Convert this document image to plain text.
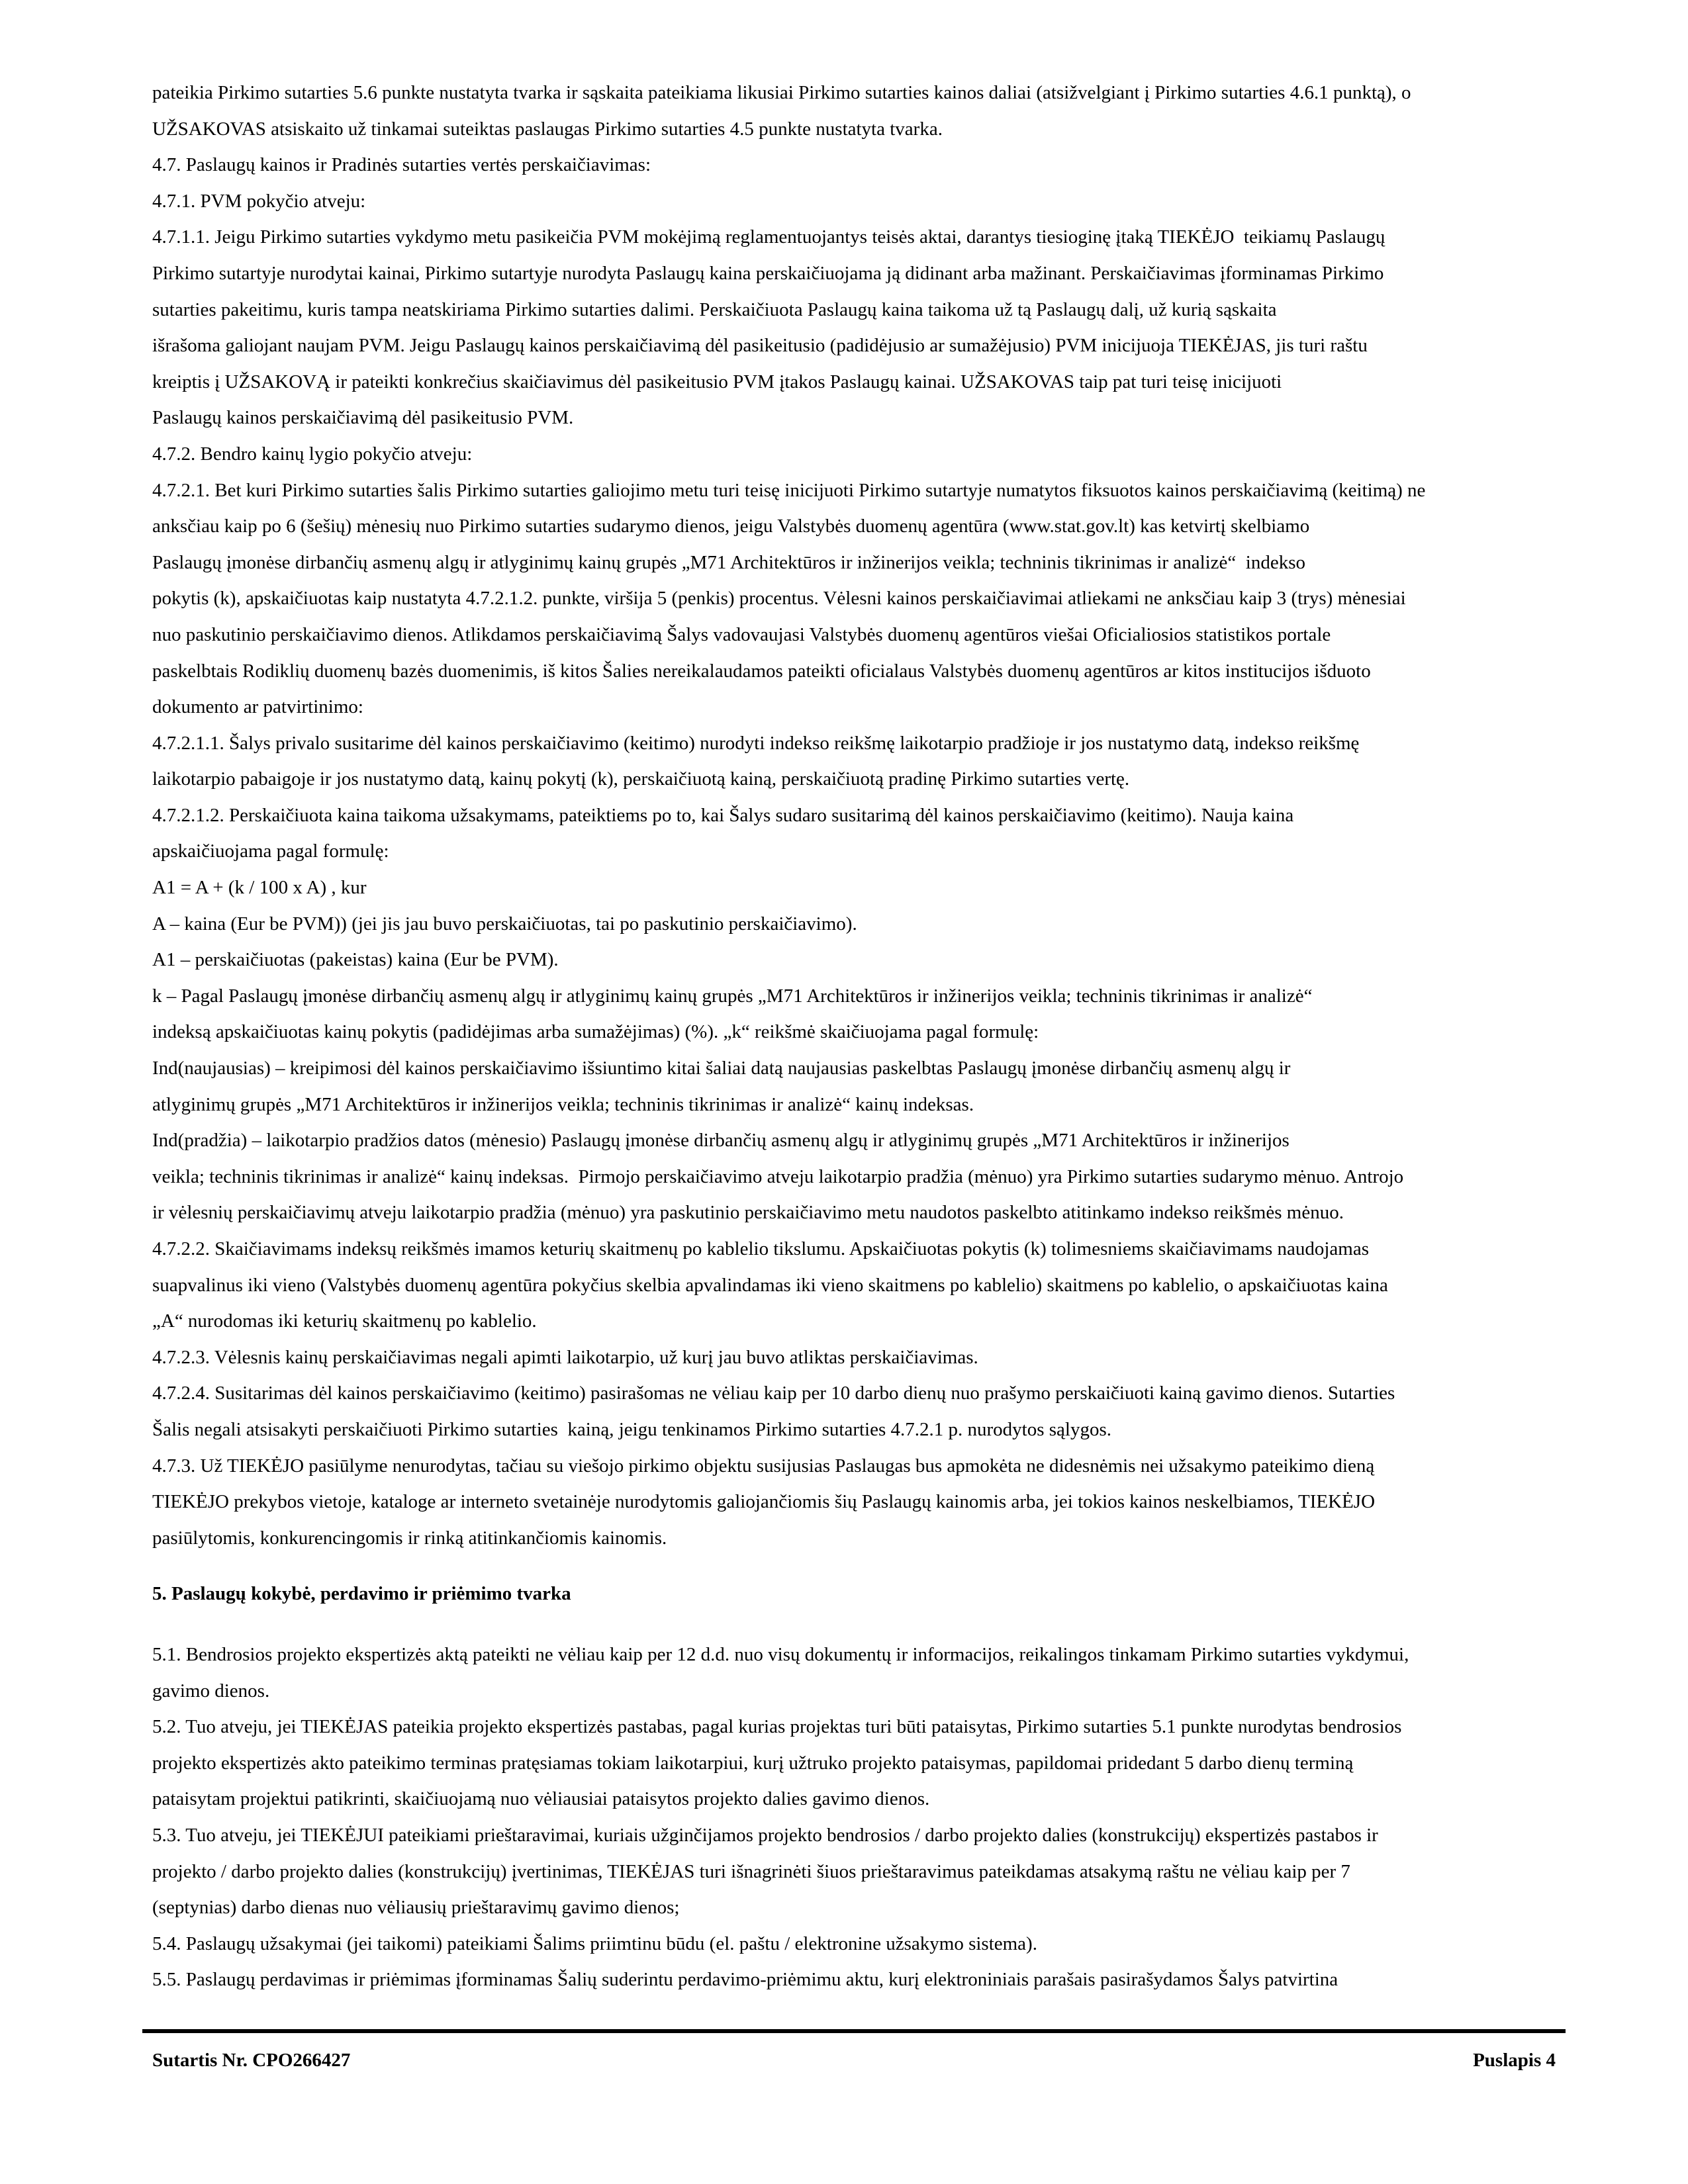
pateikia Pirkimo sutarties 5.6 punkte nustatyta tvarka ir sąskaita pateikiama likusiai Pirkimo sutarties kainos daliai (atsižvelgiant į Pirkimo sutarties 4.6.1 punktą), o
UŽSAKOVAS atsiskaito už tinkamai suteiktas paslaugas Pirkimo sutarties 4.5 punkte nustatyta tvarka.
4.7. Paslaugų kainos ir Pradinės sutarties vertės perskaičiavimas:
4.7.1. PVM pokyčio atveju:
4.7.1.1. Jeigu Pirkimo sutarties vykdymo metu pasikeičia PVM mokėjimą reglamentuojantys teisės aktai, darantys tiesioginę įtaką TIEKĖJO  teikiamų Paslaugų
Pirkimo sutartyje nurodytai kainai, Pirkimo sutartyje nurodyta Paslaugų kaina perskaičiuojama ją didinant arba mažinant. Perskaičiavimas įforminamas Pirkimo
sutarties pakeitimu, kuris tampa neatskiriama Pirkimo sutarties dalimi. Perskaičiuota Paslaugų kaina taikoma už tą Paslaugų dalį, už kurią sąskaita
išrašoma galiojant naujam PVM. Jeigu Paslaugų kainos perskaičiavimą dėl pasikeitusio (padidėjusio ar sumažėjusio) PVM inicijuoja TIEKĖJAS, jis turi raštu
kreiptis į UŽSAKOVĄ ir pateikti konkrečius skaičiavimus dėl pasikeitusio PVM įtakos Paslaugų kainai. UŽSAKOVAS taip pat turi teisę inicijuoti
Paslaugų kainos perskaičiavimą dėl pasikeitusio PVM.
4.7.2. Bendro kainų lygio pokyčio atveju:
4.7.2.1. Bet kuri Pirkimo sutarties šalis Pirkimo sutarties galiojimo metu turi teisę inicijuoti Pirkimo sutartyje numatytos fiksuotos kainos perskaičiavimą (keitimą) ne
anksčiau kaip po 6 (šešių) mėnesių nuo Pirkimo sutarties sudarymo dienos, jeigu Valstybės duomenų agentūra (www.stat.gov.lt) kas ketvirtį skelbiamo
Paslaugų įmonėse dirbančių asmenų algų ir atlyginimų kainų grupės „M71 Architektūros ir inžinerijos veikla; techninis tikrinimas ir analizė“  indekso
pokytis (k), apskaičiuotas kaip nustatyta 4.7.2.1.2. punkte, viršija 5 (penkis) procentus. Vėlesni kainos perskaičiavimai atliekami ne anksčiau kaip 3 (trys) mėnesiai
nuo paskutinio perskaičiavimo dienos. Atlikdamos perskaičiavimą Šalys vadovaujasi Valstybės duomenų agentūros viešai Oficialiosios statistikos portale
paskelbtais Rodiklių duomenų bazės duomenimis, iš kitos Šalies nereikalaudamos pateikti oficialaus Valstybės duomenų agentūros ar kitos institucijos išduoto
dokumento ar patvirtinimo:
4.7.2.1.1. Šalys privalo susitarime dėl kainos perskaičiavimo (keitimo) nurodyti indekso reikšmę laikotarpio pradžioje ir jos nustatymo datą, indekso reikšmę
laikotarpio pabaigoje ir jos nustatymo datą, kainų pokytį (k), perskaičiuotą kainą, perskaičiuotą pradinę Pirkimo sutarties vertę.
4.7.2.1.2. Perskaičiuota kaina taikoma užsakymams, pateiktiems po to, kai Šalys sudaro susitarimą dėl kainos perskaičiavimo (keitimo). Nauja kaina
apskaičiuojama pagal formulę:
A1 = A + (k / 100 x A) , kur
A – kaina (Eur be PVM)) (jei jis jau buvo perskaičiuotas, tai po paskutinio perskaičiavimo).
A1 – perskaičiuotas (pakeistas) kaina (Eur be PVM).
k – Pagal Paslaugų įmonėse dirbančių asmenų algų ir atlyginimų kainų grupės „M71 Architektūros ir inžinerijos veikla; techninis tikrinimas ir analizė“
indeksą apskaičiuotas kainų pokytis (padidėjimas arba sumažėjimas) (%). „k“ reikšmė skaičiuojama pagal formulę:
Ind(naujausias) – kreipimosi dėl kainos perskaičiavimo išsiuntimo kitai šaliai datą naujausias paskelbtas Paslaugų įmonėse dirbančių asmenų algų ir
atlyginimų grupės „M71 Architektūros ir inžinerijos veikla; techninis tikrinimas ir analizė“ kainų indeksas.
Ind(pradžia) – laikotarpio pradžios datos (mėnesio) Paslaugų įmonėse dirbančių asmenų algų ir atlyginimų grupės „M71 Architektūros ir inžinerijos
veikla; techninis tikrinimas ir analizė“ kainų indeksas.  Pirmojo perskaičiavimo atveju laikotarpio pradžia (mėnuo) yra Pirkimo sutarties sudarymo mėnuo. Antrojo
ir vėlesnių perskaičiavimų atveju laikotarpio pradžia (mėnuo) yra paskutinio perskaičiavimo metu naudotos paskelbto atitinkamo indekso reikšmės mėnuo.
4.7.2.2. Skaičiavimams indeksų reikšmės imamos keturių skaitmenų po kablelio tikslumu. Apskaičiuotas pokytis (k) tolimesniems skaičiavimams naudojamas
suapvalinus iki vieno (Valstybės duomenų agentūra pokyčius skelbia apvalindamas iki vieno skaitmens po kablelio) skaitmens po kablelio, o apskaičiuotas kaina
„A“ nurodomas iki keturių skaitmenų po kablelio.
4.7.2.3. Vėlesnis kainų perskaičiavimas negali apimti laikotarpio, už kurį jau buvo atliktas perskaičiavimas.
4.7.2.4. Susitarimas dėl kainos perskaičiavimo (keitimo) pasirašomas ne vėliau kaip per 10 darbo dienų nuo prašymo perskaičiuoti kainą gavimo dienos. Sutarties
Šalis negali atsisakyti perskaičiuoti Pirkimo sutarties  kainą, jeigu tenkinamos Pirkimo sutarties 4.7.2.1 p. nurodytos sąlygos.
4.7.3. Už TIEKĖJO pasiūlyme nenurodytas, tačiau su viešojo pirkimo objektu susijusias Paslaugas bus apmokėta ne didesnėmis nei užsakymo pateikimo dieną
TIEKĖJO prekybos vietoje, kataloge ar interneto svetainėje nurodytomis galiojančiomis šių Paslaugų kainomis arba, jei tokios kainos neskelbiamos, TIEKĖJO
pasiūlytomis, konkurencingomis ir rinką atitinkančiomis kainomis.
5. Paslaugų kokybė, perdavimo ir priėmimo tvarka
5.1. Bendrosios projekto ekspertizės aktą pateikti ne vėliau kaip per 12 d.d. nuo visų dokumentų ir informacijos, reikalingos tinkamam Pirkimo sutarties vykdymui,
gavimo dienos.
5.2. Tuo atveju, jei TIEKĖJAS pateikia projekto ekspertizės pastabas, pagal kurias projektas turi būti pataisytas, Pirkimo sutarties 5.1 punkte nurodytas bendrosios
projekto ekspertizės akto pateikimo terminas pratęsiamas tokiam laikotarpiui, kurį užtruko projekto pataisymas, papildomai pridedant 5 darbo dienų terminą
pataisytam projektui patikrinti, skaičiuojamą nuo vėliausiai pataisytos projekto dalies gavimo dienos.
5.3. Tuo atveju, jei TIEKĖJUI pateikiami prieštaravimai, kuriais užginčijamos projekto bendrosios / darbo projekto dalies (konstrukcijų) ekspertizės pastabos ir
projekto / darbo projekto dalies (konstrukcijų) įvertinimas, TIEKĖJAS turi išnagrinėti šiuos prieštaravimus pateikdamas atsakymą raštu ne vėliau kaip per 7
(septynias) darbo dienas nuo vėliausių prieštaravimų gavimo dienos;
5.4. Paslaugų užsakymai (jei taikomi) pateikiami Šalims priimtinu būdu (el. paštu / elektronine užsakymo sistema).
5.5. Paslaugų perdavimas ir priėmimas įforminamas Šalių suderintu perdavimo-priėmimu aktu, kurį elektroniniais parašais pasirašydamos Šalys patvirtina
Sutartis Nr. CPO266427	Puslapis 4
